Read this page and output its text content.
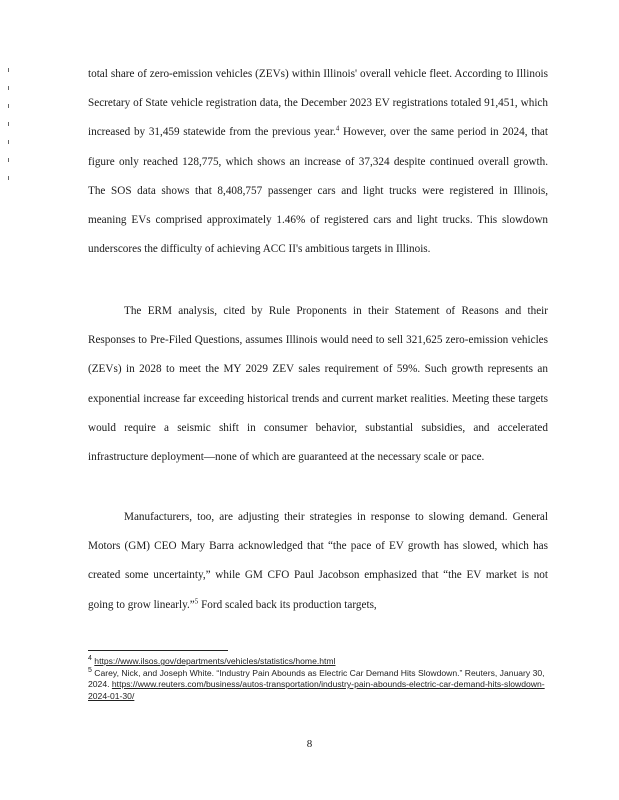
total share of zero-emission vehicles (ZEVs) within Illinois' overall vehicle fleet. According to Illinois Secretary of State vehicle registration data, the December 2023 EV registrations totaled 91,451, which increased by 31,459 statewide from the previous year.$^4$ However, over the same period in 2024, that figure only reached 128,775, which shows an increase of 37,324 despite continued overall growth. The SOS data shows that 8,408,757 passenger cars and light trucks were registered in Illinois, meaning EVs comprised approximately 1.46% of registered cars and light trucks. This slowdown underscores the difficulty of achieving ACC II's ambitious targets in Illinois.
The ERM analysis, cited by Rule Proponents in their Statement of Reasons and their Responses to Pre-Filed Questions, assumes Illinois would need to sell 321,625 zero-emission vehicles (ZEVs) in 2028 to meet the MY 2029 ZEV sales requirement of 59%. Such growth represents an exponential increase far exceeding historical trends and current market realities. Meeting these targets would require a seismic shift in consumer behavior, substantial subsidies, and accelerated infrastructure deployment—none of which are guaranteed at the necessary scale or pace.
Manufacturers, too, are adjusting their strategies in response to slowing demand. General Motors (GM) CEO Mary Barra acknowledged that “the pace of EV growth has slowed, which has created some uncertainty,” while GM CFO Paul Jacobson emphasized that “the EV market is not going to grow linearly.”$^5$ Ford scaled back its production targets,

$^4$ https://www.ilsos.gov/departments/vehicles/statistics/home.html

$^5$ Carey, Nick, and Joseph White. “Industry Pain Abounds as Electric Car Demand Hits Slowdown.” Reuters, January 30, 2024. https://www.reuters.com/business/autos-transportation/industry-pain-abounds-electric-car-demand-hits-slowdown-2024-01-30/

8
